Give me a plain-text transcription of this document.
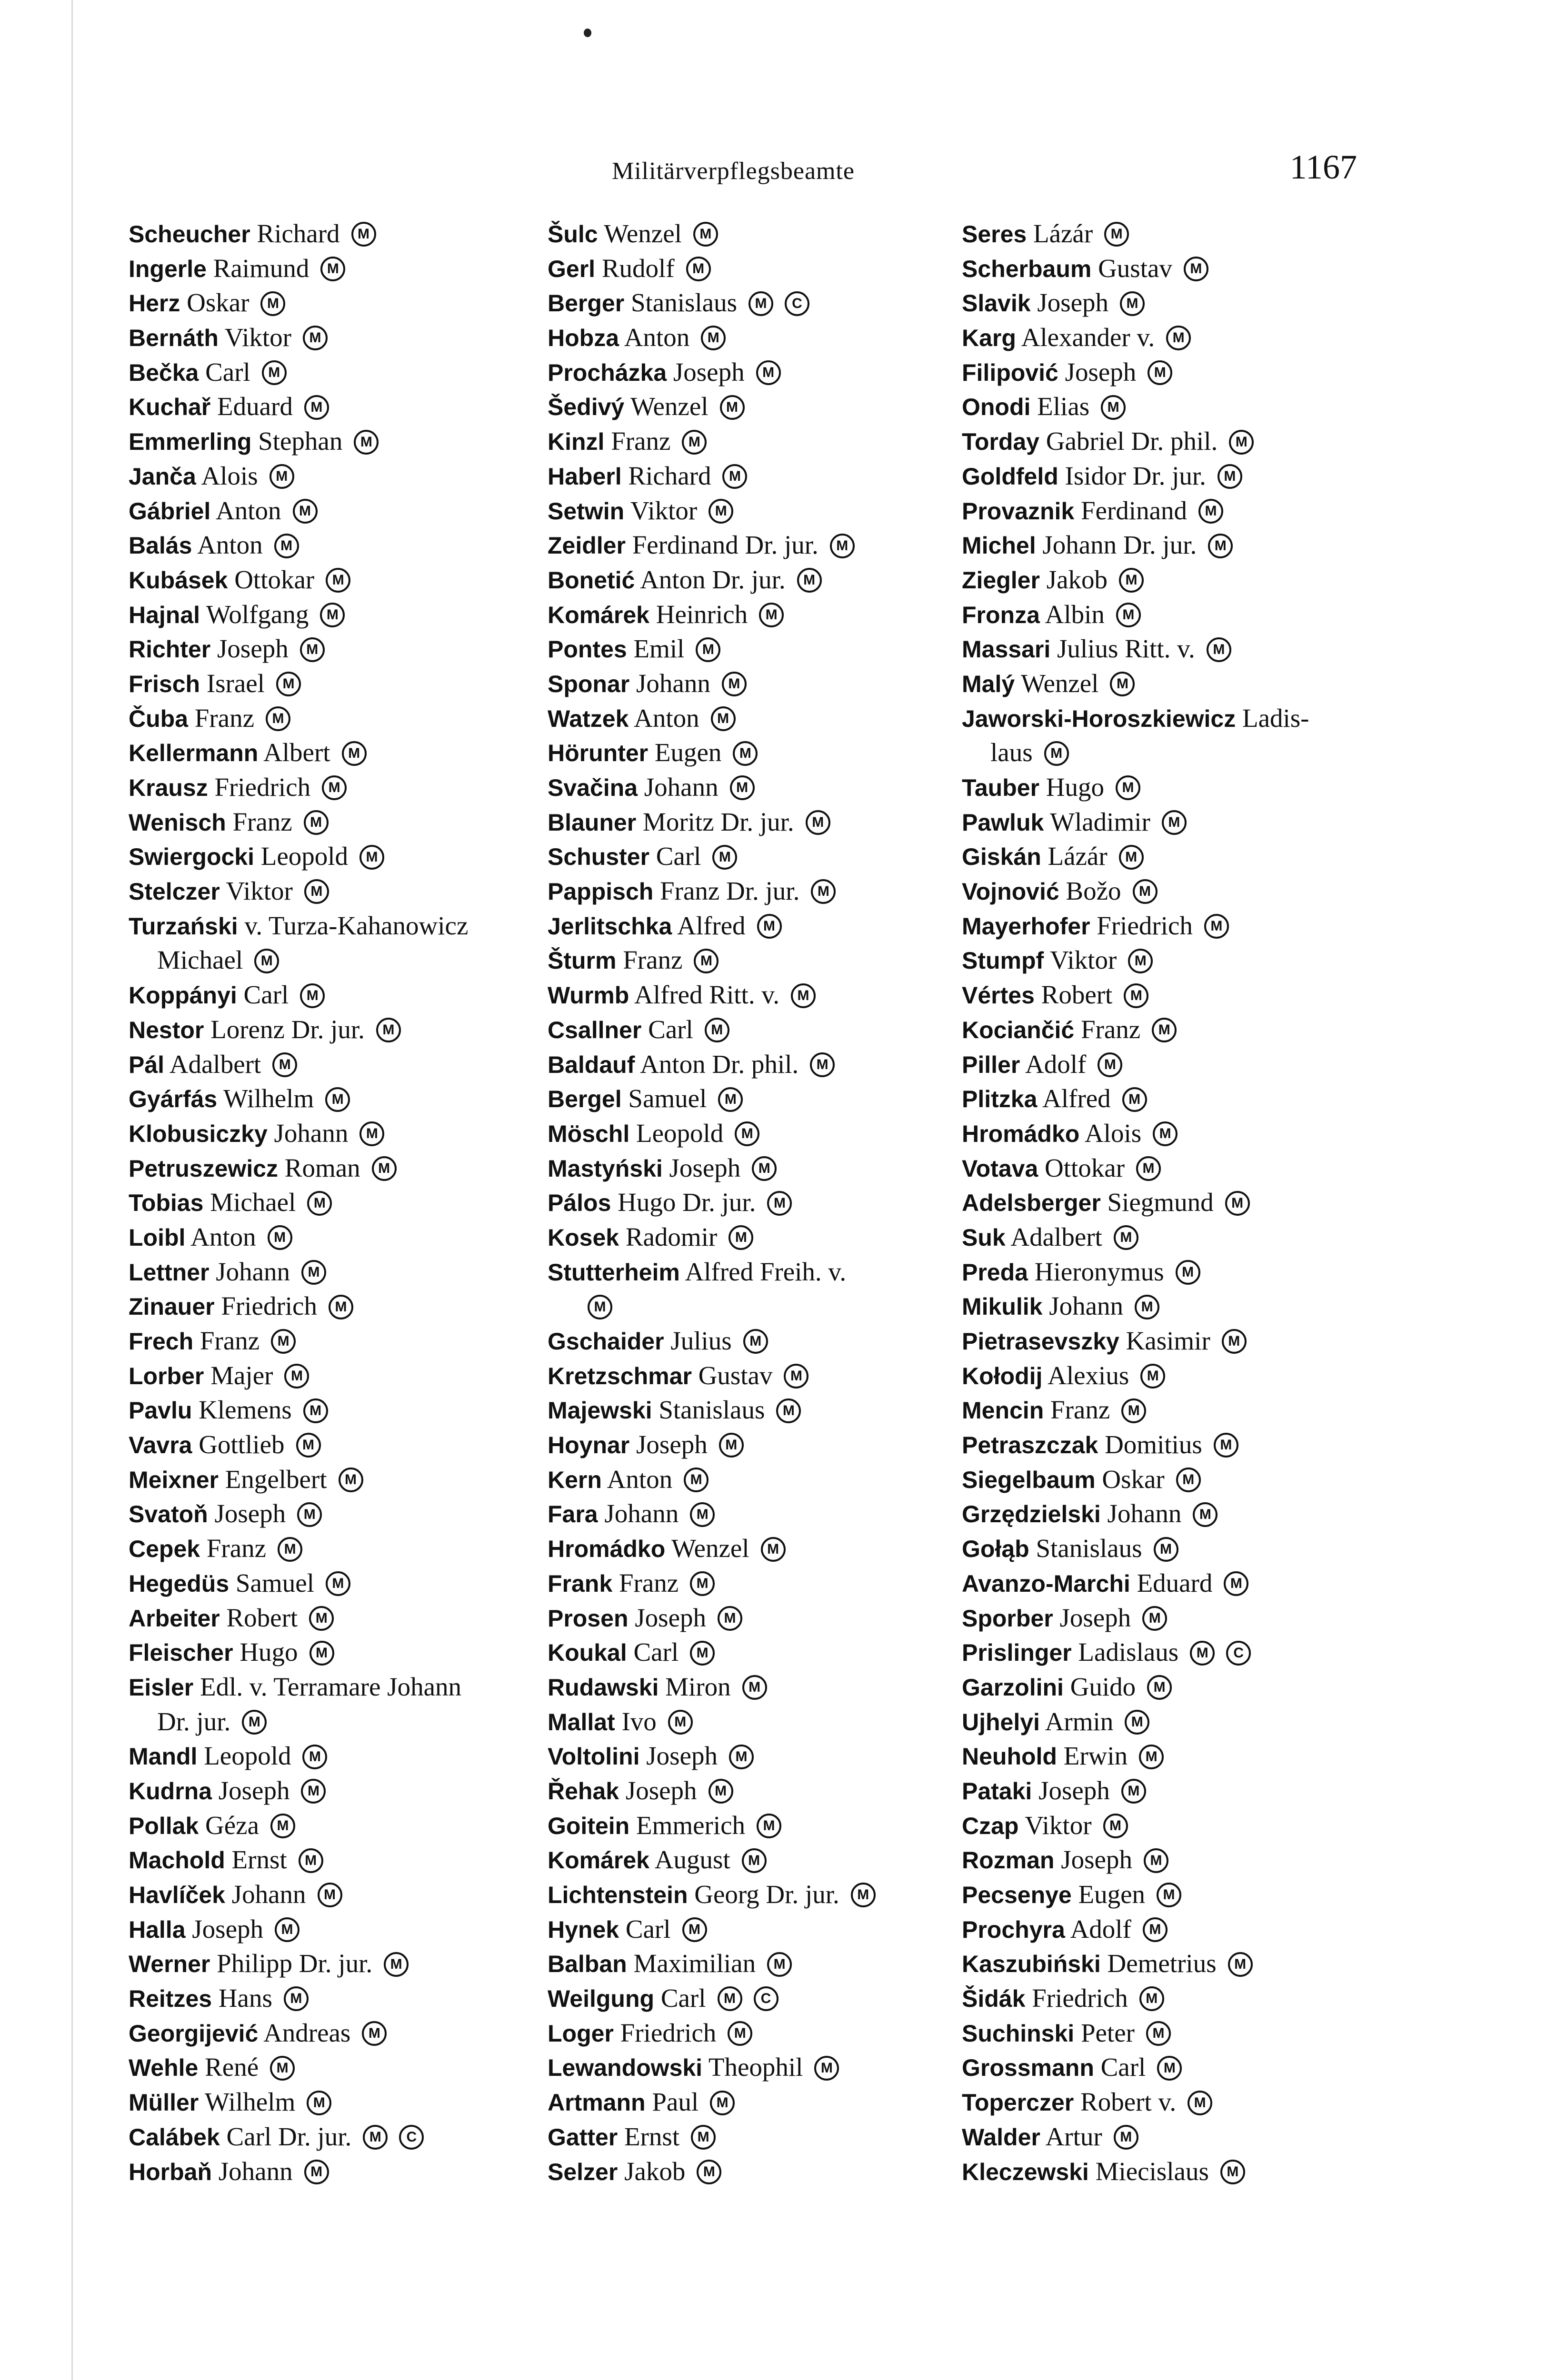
Militärverpflegsbeamte	1167
Scheucher Richard M
Ingerle Raimund M
Herz Oskar M
Bernáth Viktor M
Bečka Carl M
Kuchař Eduard M
Emmerling Stephan M
Janča Alois M
Gábriel Anton M
Balás Anton M
Kubásek Ottokar M
Hajnal Wolfgang M
Richter Joseph M
Frisch Israel M
Čuba Franz M
Kellermann Albert M
Krausz Friedrich M
Wenisch Franz M
Swiergocki Leopold M
Stelczer Viktor M
Turzański v. Turza-Kahanowicz
Michael M
Koppányi Carl M
Nestor Lorenz Dr. jur. M
Pál Adalbert M
Gyárfás Wilhelm M
Klobusiczky Johann M
Petruszewicz Roman M
Tobias Michael M
Loibl Anton M
Lettner Johann M
Zinauer Friedrich M
Frech Franz M
Lorber Majer M
Pavlu Klemens M
Vavra Gottlieb M
Meixner Engelbert M
Svatoň Joseph M
Cepek Franz M
Hegedüs Samuel M
Arbeiter Robert M
Fleischer Hugo M
Eisler Edl. v. Terramare Johann
Dr. jur. M
Mandl Leopold M
Kudrna Joseph M
Pollak Géza M
Machold Ernst M
Havlíček Johann M
Halla Joseph M
Werner Philipp Dr. jur. M
Reitzes Hans M
Georgijević Andreas M
Wehle René M
Müller Wilhelm M
Calábek Carl Dr. jur. M C
Horbaň Johann M
Šulc Wenzel M
Gerl Rudolf M
Berger Stanislaus M C
Hobza Anton M
Procházka Joseph M
Šedivý Wenzel M
Kinzl Franz M
Haberl Richard M
Setwin Viktor M
Zeidler Ferdinand Dr. jur. M
Bonetić Anton Dr. jur. M
Komárek Heinrich M
Pontes Emil M
Sponar Johann M
Watzek Anton M
Hörunter Eugen M
Svačina Johann M
Blauner Moritz Dr. jur. M
Schuster Carl M
Pappisch Franz Dr. jur. M
Jerlitschka Alfred M
Šturm Franz M
Wurmb Alfred Ritt. v. M
Csallner Carl M
Baldauf Anton Dr. phil. M
Bergel Samuel M
Möschl Leopold M
Mastyński Joseph M
Pálos Hugo Dr. jur. M
Kosek Radomir M
Stutterheim Alfred Freih. v.
M
Gschaider Julius M
Kretzschmar Gustav M
Majewski Stanislaus M
Hoynar Joseph M
Kern Anton M
Fara Johann M
Hromádko Wenzel M
Frank Franz M
Prosen Joseph M
Koukal Carl M
Rudawski Miron M
Mallat Ivo M
Voltolini Joseph M
Řehak Joseph M
Goitein Emmerich M
Komárek August M
Lichtenstein Georg Dr. jur. M
Hynek Carl M
Balban Maximilian M
Weilgung Carl M C
Loger Friedrich M
Lewandowski Theophil M
Artmann Paul M
Gatter Ernst M
Selzer Jakob M
Seres Lázár M
Scherbaum Gustav M
Slavik Joseph M
Karg Alexander v. M
Filipović Joseph M
Onodi Elias M
Torday Gabriel Dr. phil. M
Goldfeld Isidor Dr. jur. M
Provaznik Ferdinand M
Michel Johann Dr. jur. M
Ziegler Jakob M
Fronza Albin M
Massari Julius Ritt. v. M
Malý Wenzel M
Jaworski-Horoszkiewicz Ladis-
laus M
Tauber Hugo M
Pawluk Wladimir M
Giskán Lázár M
Vojnović Božo M
Mayerhofer Friedrich M
Stumpf Viktor M
Vértes Robert M
Kociančić Franz M
Piller Adolf M
Plitzka Alfred M
Hromádko Alois M
Votava Ottokar M
Adelsberger Siegmund M
Suk Adalbert M
Preda Hieronymus M
Mikulik Johann M
Pietrasevszky Kasimir M
Kołodij Alexius M
Mencin Franz M
Petraszczak Domitius M
Siegelbaum Oskar M
Grzędzielski Johann M
Gołąb Stanislaus M
Avanzo-Marchi Eduard M
Sporber Joseph M
Prislinger Ladislaus M C
Garzolini Guido M
Ujhelyi Armin M
Neuhold Erwin M
Pataki Joseph M
Czap Viktor M
Rozman Joseph M
Pecsenye Eugen M
Prochyra Adolf M
Kaszubiński Demetrius M
Šidák Friedrich M
Suchinski Peter M
Grossmann Carl M
Toperczer Robert v. M
Walder Artur M
Kleczewski Miecislaus M
